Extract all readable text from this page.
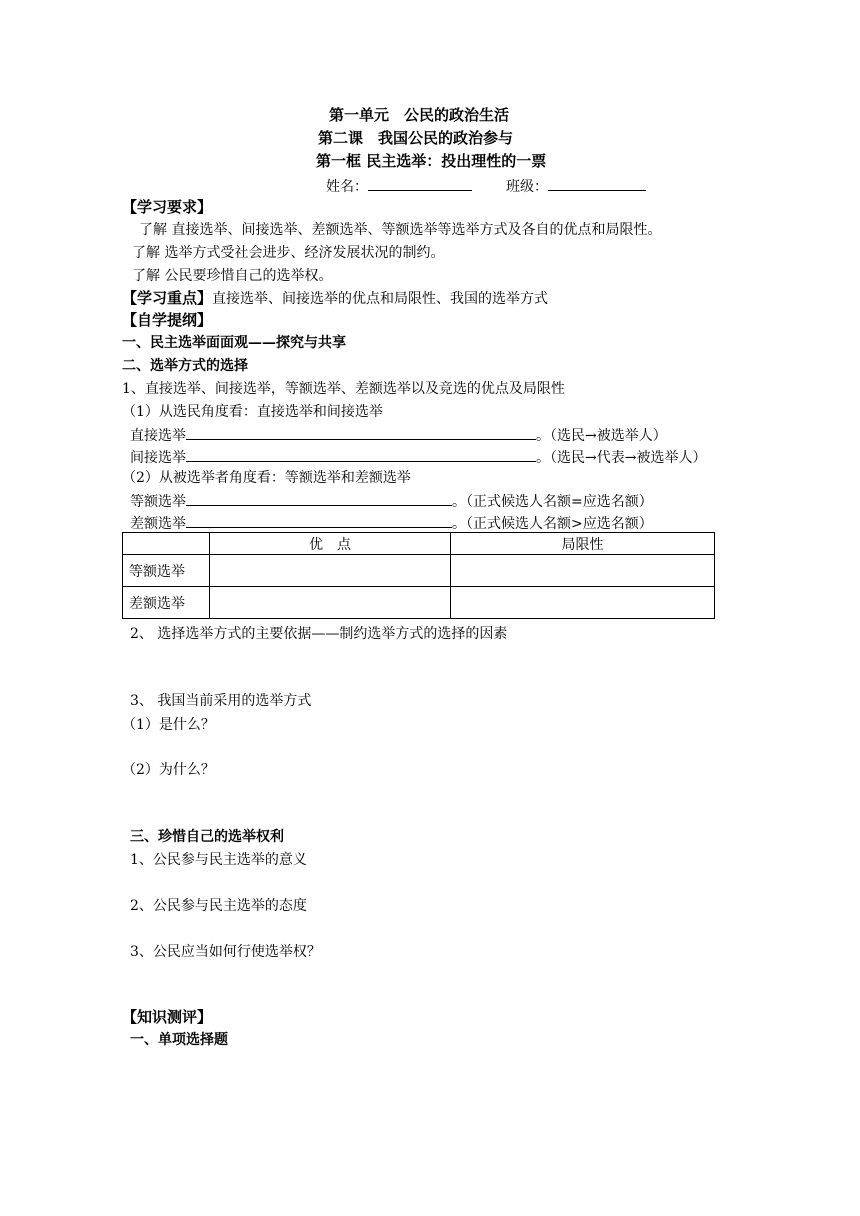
第一单元　公民的政治生活
第二课　我国公民的政治参与
第一框 民主选举：投出理性的一票
姓名：	班级：
【学习要求】
了解 直接选举、间接选举、差额选举、等额选举等选举方式及各自的优点和局限性。
了解 选举方式受社会进步、经济发展状况的制约。
了解 公民要珍惜自己的选举权。
【学习重点】直接选举、间接选举的优点和局限性、我国的选举方式
【自学提纲】
一、民主选举面面观——探究与共享
二、选举方式的选择
1、直接选举、间接选举，等额选举、差额选举以及竞选的优点及局限性
（1）从选民角度看：直接选举和间接选举
直接选举	。（选民→被选举人）
间接选举	。（选民→代表→被选举人）
（2）从被选举者角度看：等额选举和差额选举
等额选举	。（正式候选人名额=应选名额）
差额选举	。（正式候选人名额>应选名额）
	优　点	局限性
等额选举		
差额选举		
2、 选择选举方式的主要依据——制约选举方式的选择的因素
3、 我国当前采用的选举方式
（1）是什么？
（2）为什么？
三、珍惜自己的选举权利
1、公民参与民主选举的意义
2、公民参与民主选举的态度
3、公民应当如何行使选举权？
【知识测评】
一、单项选择题
